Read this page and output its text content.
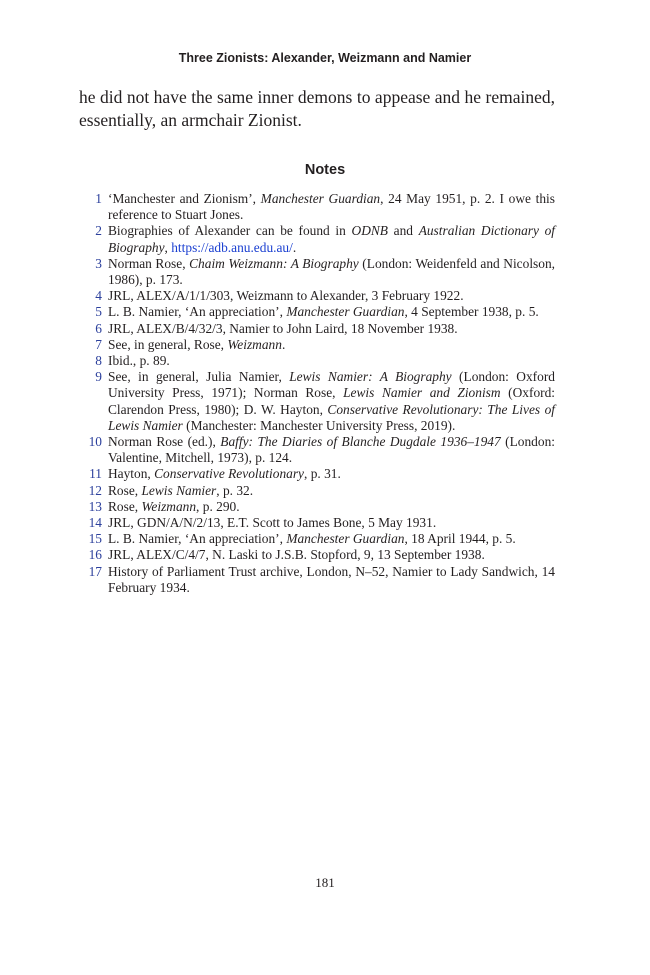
Three Zionists: Alexander, Weizmann and Namier
he did not have the same inner demons to appease and he remained,
essentially, an armchair Zionist.
Notes
1 ‘Manchester and Zionism’, Manchester Guardian, 24 May 1951, p. 2. I owe this reference to Stuart Jones.
2 Biographies of Alexander can be found in ODNB and Australian Dictionary of Biography, https://adb.anu.edu.au/.
3 Norman Rose, Chaim Weizmann: A Biography (London: Weidenfeld and Nicolson, 1986), p. 173.
4 JRL, ALEX/A/1/1/303, Weizmann to Alexander, 3 February 1922.
5 L. B. Namier, ‘An appreciation’, Manchester Guardian, 4 September 1938, p. 5.
6 JRL, ALEX/B/4/32/3, Namier to John Laird, 18 November 1938.
7 See, in general, Rose, Weizmann.
8 Ibid., p. 89.
9 See, in general, Julia Namier, Lewis Namier: A Biography (London: Oxford University Press, 1971); Norman Rose, Lewis Namier and Zionism (Oxford: Clarendon Press, 1980); D. W. Hayton, Conservative Revolutionary: The Lives of Lewis Namier (Manchester: Manchester University Press, 2019).
10 Norman Rose (ed.), Baffy: The Diaries of Blanche Dugdale 1936–1947 (London: Valentine, Mitchell, 1973), p. 124.
11 Hayton, Conservative Revolutionary, p. 31.
12 Rose, Lewis Namier, p. 32.
13 Rose, Weizmann, p. 290.
14 JRL, GDN/A/N/2/13, E.T. Scott to James Bone, 5 May 1931.
15 L. B. Namier, ‘An appreciation’, Manchester Guardian, 18 April 1944, p. 5.
16 JRL, ALEX/C/4/7, N. Laski to J.S.B. Stopford, 9, 13 September 1938.
17 History of Parliament Trust archive, London, N–52, Namier to Lady Sandwich, 14 February 1934.
181
